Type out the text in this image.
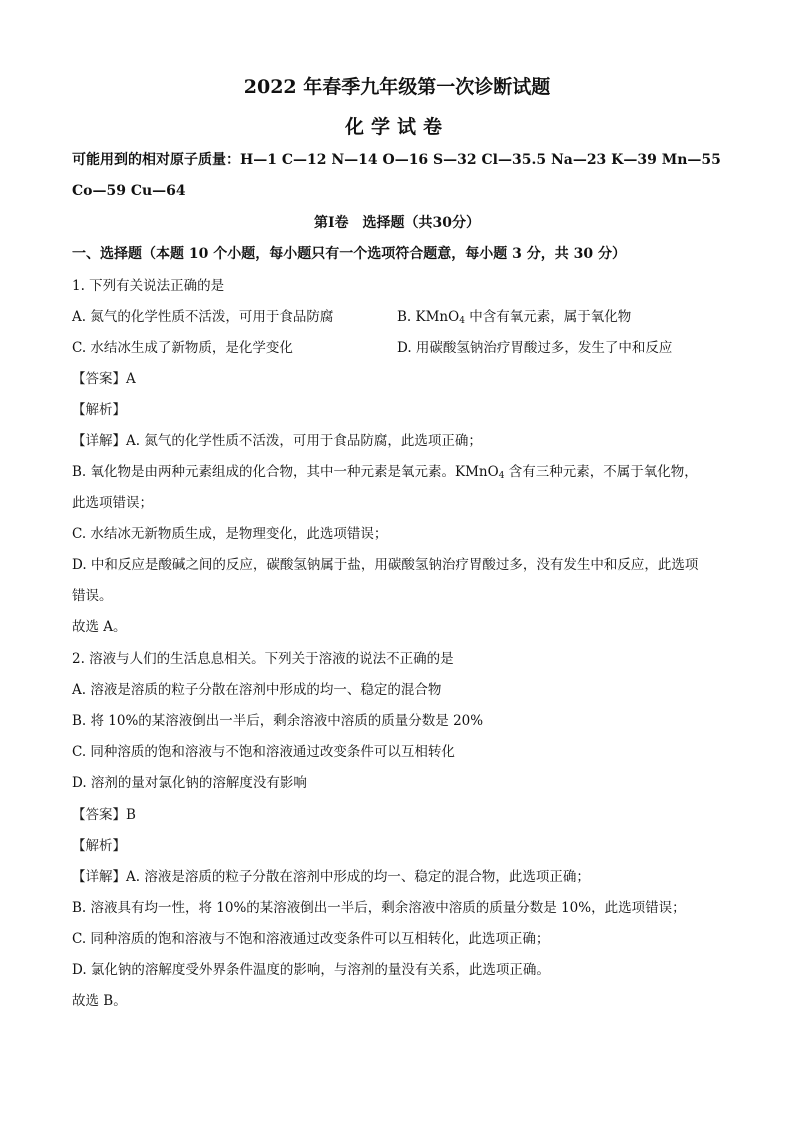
2022 年春季九年级第一次诊断试题
化学试卷
可能用到的相对原子质量：H—1 C—12 N—14 O—16 S—32 Cl—35.5 Na—23 K—39 Mn—55
Co—59 Cu—64
第Ⅰ卷　选择题（共30分）
一、选择题（本题 10 个小题，每小题只有一个选项符合题意，每小题 3 分，共 30 分）
1. 下列有关说法正确的是
A. 氮气的化学性质不活泼，可用于食品防腐	B. KMnO$_4$ 中含有氧元素，属于氧化物
C. 水结冰生成了新物质，是化学变化	D. 用碳酸氢钠治疗胃酸过多，发生了中和反应
【答案】A
【解析】
【详解】A. 氮气的化学性质不活泼，可用于食品防腐，此选项正确；
B. 氧化物是由两种元素组成的化合物，其中一种元素是氧元素。KMnO$_4$ 含有三种元素，不属于氧化物，
此选项错误；
C. 水结冰无新物质生成，是物理变化，此选项错误；
D. 中和反应是酸碱之间的反应，碳酸氢钠属于盐，用碳酸氢钠治疗胃酸过多，没有发生中和反应，此选项
错误。
故选 A。
2. 溶液与人们的生活息息相关。下列关于溶液的说法不正确的是
A. 溶液是溶质的粒子分散在溶剂中形成的均一、稳定的混合物
B. 将 10%的某溶液倒出一半后，剩余溶液中溶质的质量分数是 20%
C. 同种溶质的饱和溶液与不饱和溶液通过改变条件可以互相转化
D. 溶剂的量对氯化钠的溶解度没有影响
【答案】B
【解析】
【详解】A. 溶液是溶质的粒子分散在溶剂中形成的均一、稳定的混合物，此选项正确；
B. 溶液具有均一性，将 10%的某溶液倒出一半后，剩余溶液中溶质的质量分数是 10%，此选项错误；
C. 同种溶质的饱和溶液与不饱和溶液通过改变条件可以互相转化，此选项正确；
D. 氯化钠的溶解度受外界条件温度的影响，与溶剂的量没有关系，此选项正确。
故选 B。
